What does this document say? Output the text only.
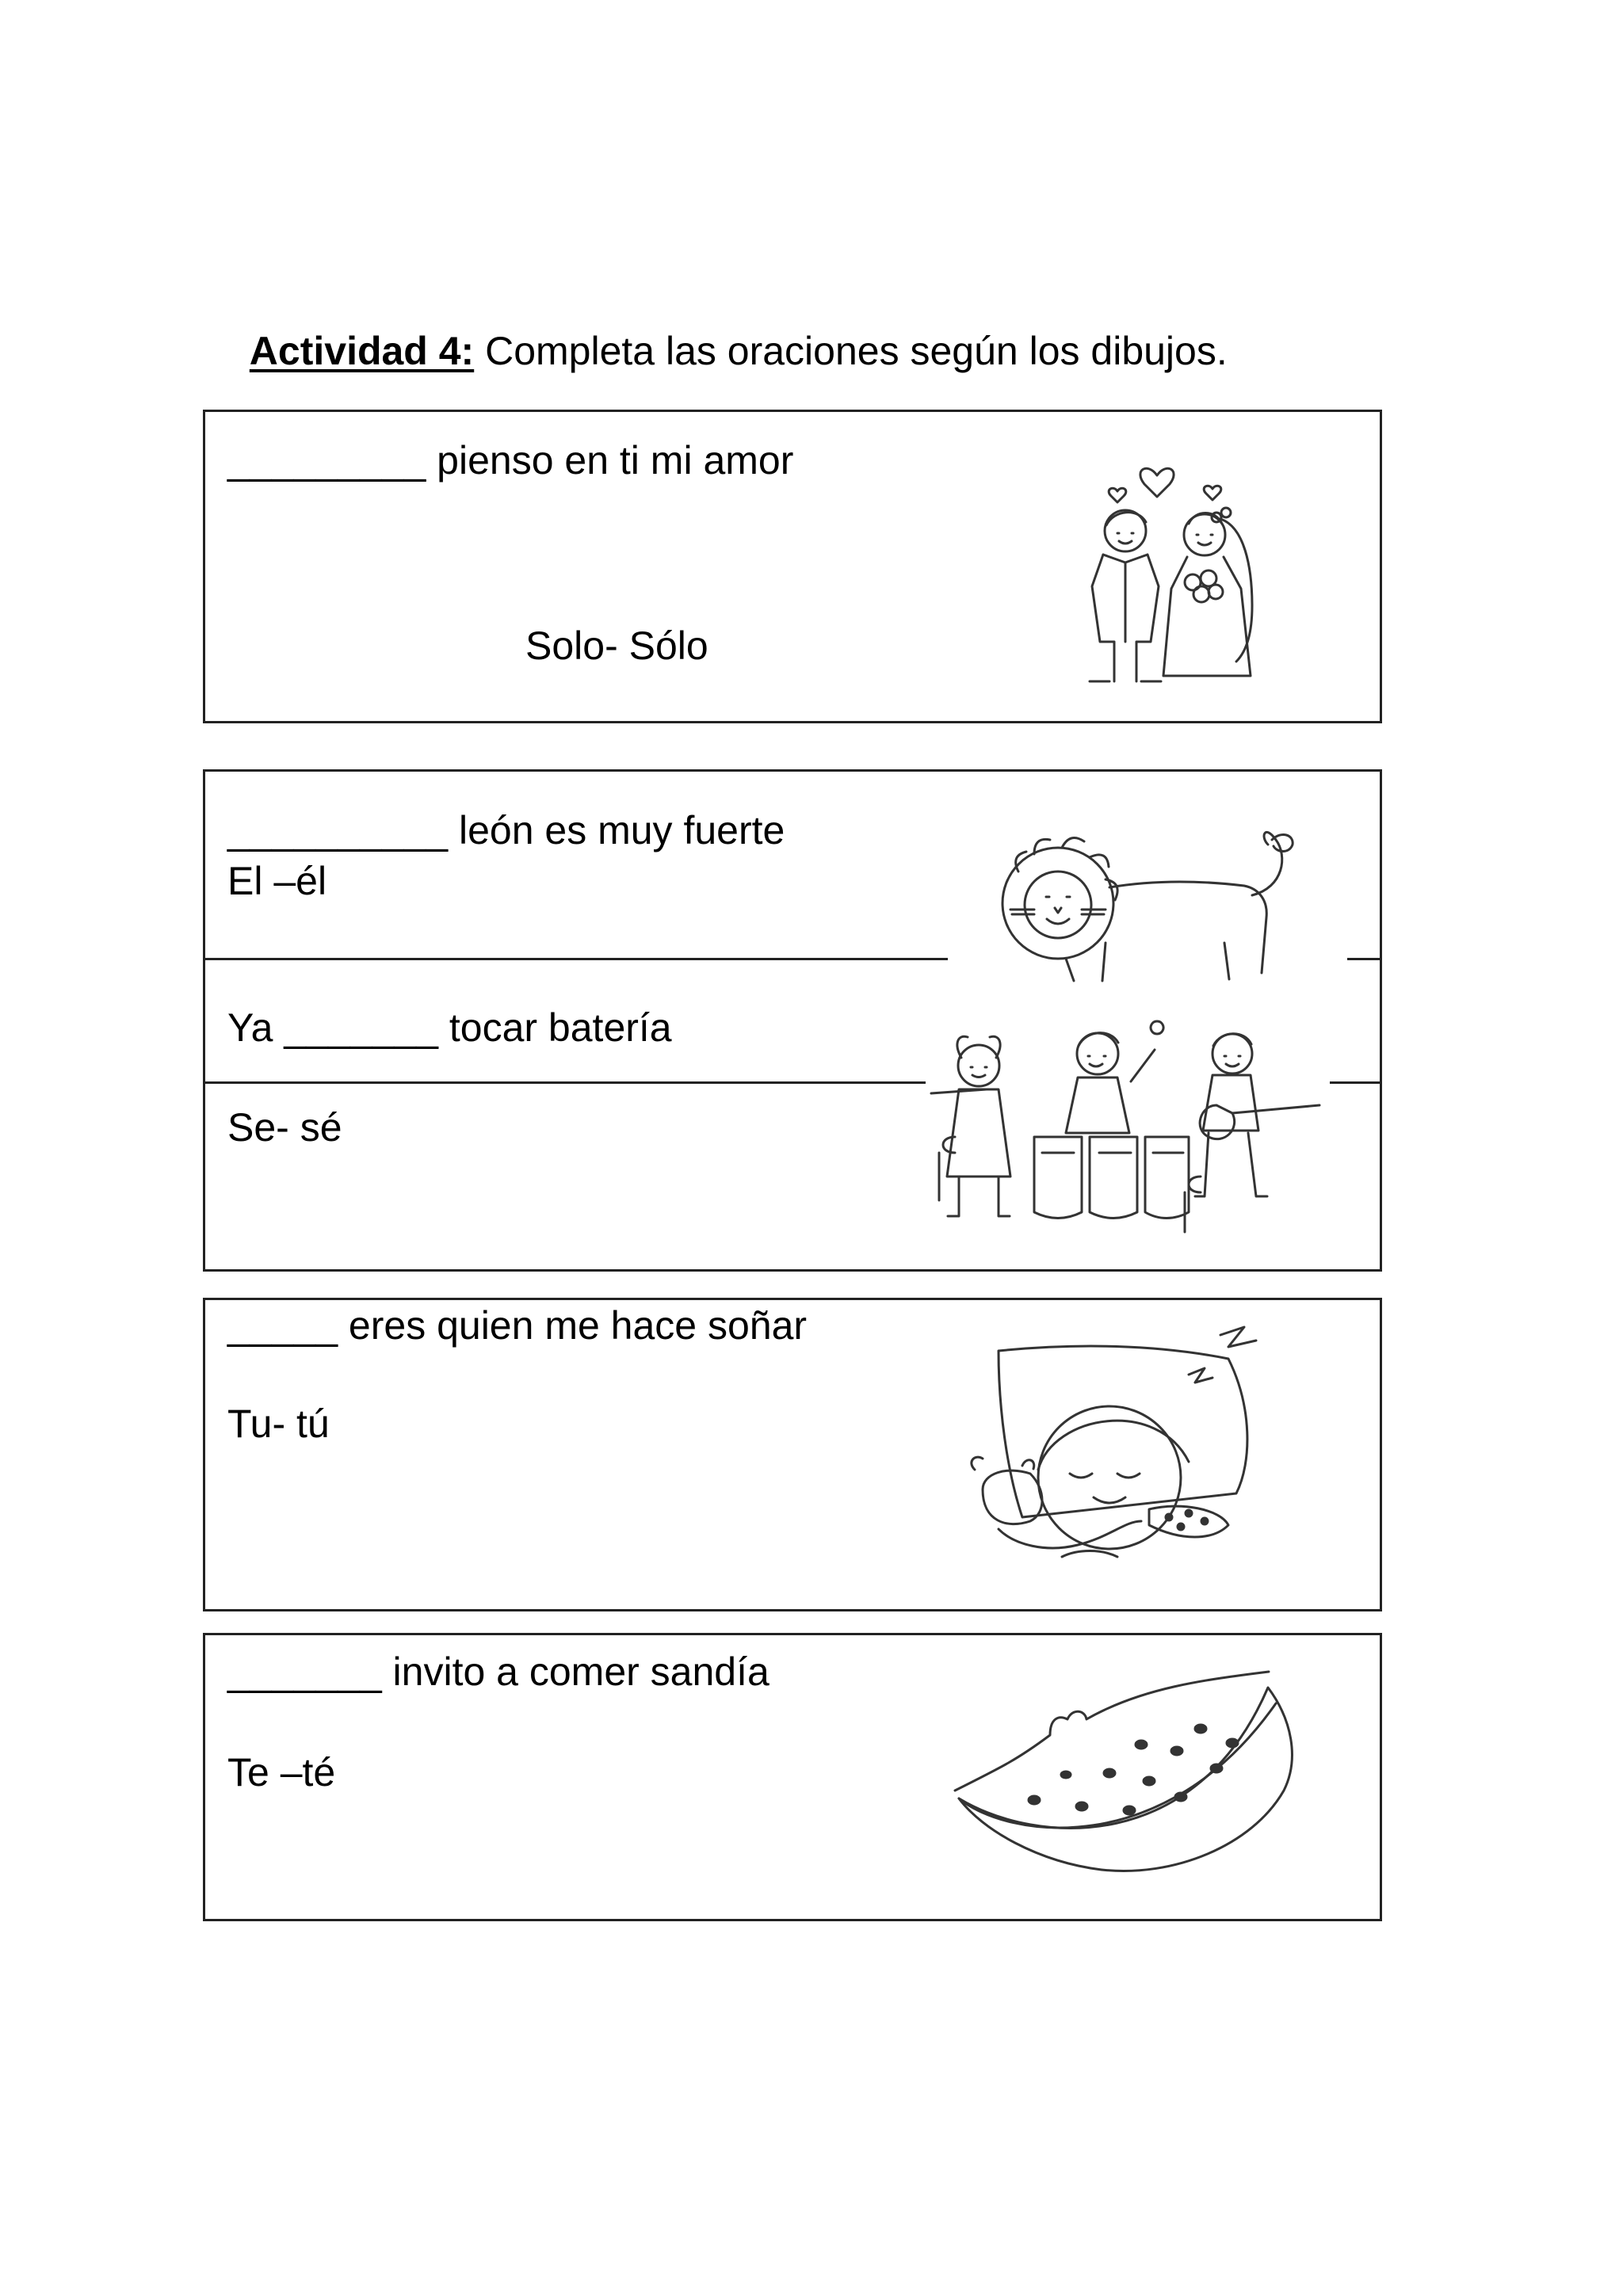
Actividad 4: Completa las oraciones según los dibujos.

_________ pienso en ti mi amor
Solo- Sólo
__________ león es muy fuerte
El –él
Ya _______ tocar batería
Se- sé
_____ eres quien me hace soñar
Tu- tú
_______ invito a comer sandía
Te –té
